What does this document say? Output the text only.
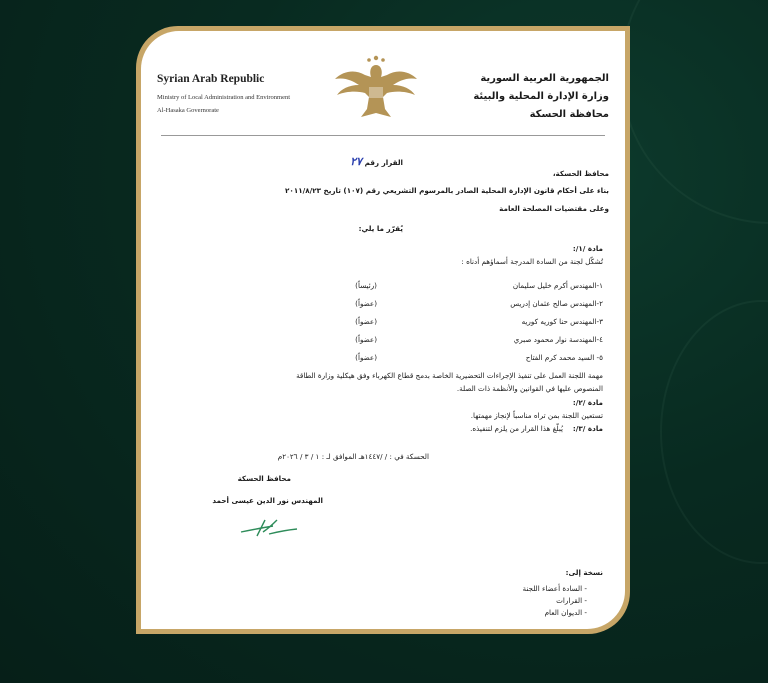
Syrian Arab Republic
Ministry of Local Administration and Environment
Al-Hasaka Governorate
الجمهورية العربية السورية
وزارة الإدارة المحلية والبيئة
محافظة الحسكة
القرار رقم ٢٧
محافظ الحسكة،
بناء على أحكام قانون الإدارة المحلية الصادر بالمرسوم التشريعي رقم (١٠٧) تاريخ ٢٠١١/٨/٢٣
وعلى مقتضيات المصلحة العامة
يُقرّر ما يلي:
مادة /١/:
تُشكّل لجنة من السادة المدرجة أسماؤهم أدناه :
١-المهندس أكرم خليل سليمان
(رئيساً)
٢-المهندس صالح عثمان إدريس
(عضواً)
٣-المهندس حنا كوريه كوريه
(عضواً)
٤-المهندسة نوار محمود صبري
(عضواً)
٥- السيد محمد كرم الفتاح
(عضواً)
مهمة اللجنة العمل على تنفيذ الإجراءات التحضيرية الخاصة بدمج قطاع الكهرباء وفق هيكلية وزارة الطاقة
المنصوص عليها في القوانين والأنظمة ذات الصلة.
مادة /٢/:
تستعين اللجنة بمن تراه مناسباً لإنجاز مهمتها.
مادة /٣/:
يُبلّغ هذا القرار من يلزم لتنفيذه.
الحسكة في : / /١٤٤٧هـ الموافق لـ : ١ / ٣ / ٢٠٢٦م
محافظ الحسكة
المهندس نور الدين عيسى أحمد
نسخة إلى:
- السادة أعضاء اللجنة
- القرارات
- الديوان العام
